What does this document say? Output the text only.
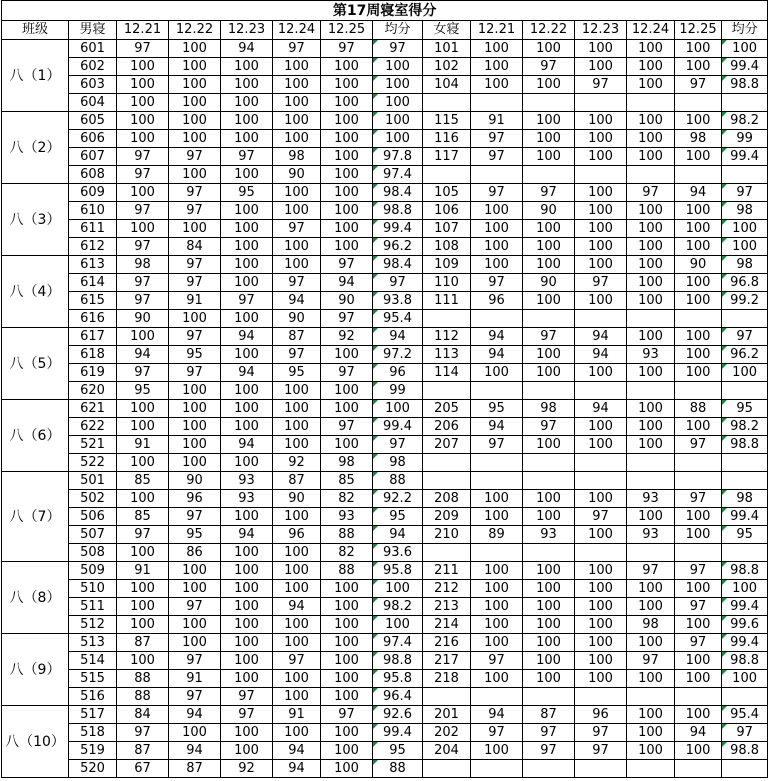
第17周寝室得分														
班级	男寝	12.21	12.22	12.23	12.24	12.25	均分	女寝	12.21	12.22	12.23	12.24	12.25	均分
八（1）	601	97	100	94	97	97	97	101	100	100	100	100	100	100
	602	100	100	100	100	100	100	102	100	97	100	100	100	99.4
	603	100	100	100	100	100	100	104	100	100	97	100	97	98.8
	604	100	100	100	100	100	100							
八（2）	605	100	100	100	100	100	100	115	91	100	100	100	100	98.2
	606	100	100	100	100	100	100	116	97	100	100	100	98	99
	607	97	97	97	98	100	97.8	117	97	100	100	100	100	99.4
	608	97	100	100	90	100	97.4							
八（3）	609	100	97	95	100	100	98.4	105	97	97	100	97	94	97
	610	97	97	100	100	100	98.8	106	100	90	100	100	100	98
	611	100	100	100	97	100	99.4	107	100	100	100	100	100	100
	612	97	84	100	100	100	96.2	108	100	100	100	100	100	100
八（4）	613	98	97	100	100	97	98.4	109	100	100	100	100	90	98
	614	97	97	100	97	94	97	110	97	90	97	100	100	96.8
	615	97	91	97	94	90	93.8	111	96	100	100	100	100	99.2
	616	90	100	100	90	97	95.4							
八（5）	617	100	97	94	87	92	94	112	94	97	94	100	100	97
	618	94	95	100	97	100	97.2	113	94	100	94	93	100	96.2
	619	97	97	94	95	97	96	114	100	100	100	100	100	100
	620	95	100	100	100	100	99							
八（6）	621	100	100	100	100	100	100	205	95	98	94	100	88	95
	622	100	100	100	100	97	99.4	206	94	97	100	100	100	98.2
	521	91	100	94	100	100	97	207	97	100	100	100	97	98.8
	522	100	100	100	92	98	98							
八（7）	501	85	90	93	87	85	88							
	502	100	96	93	90	82	92.2	208	100	100	100	93	97	98
	506	85	97	100	100	93	95	209	100	100	97	100	100	99.4
	507	97	95	94	96	88	94	210	89	93	100	93	100	95
	508	100	86	100	100	82	93.6							
八（8）	509	91	100	100	100	88	95.8	211	100	100	100	97	97	98.8
	510	100	100	100	100	100	100	212	100	100	100	100	100	100
	511	100	97	100	94	100	98.2	213	100	100	100	100	97	99.4
	512	100	100	100	100	100	100	214	100	100	100	98	100	99.6
八（9）	513	87	100	100	100	100	97.4	216	100	100	100	100	97	99.4
	514	100	97	100	97	100	98.8	217	97	100	100	97	100	98.8
	515	88	91	100	100	100	95.8	218	100	100	100	100	100	100
	516	88	97	97	100	100	96.4							
八（10）	517	84	94	97	91	97	92.6	201	94	87	96	100	100	95.4
	518	97	100	100	100	100	99.4	202	97	97	97	100	94	97
	519	87	94	100	94	100	95	204	100	97	97	100	100	98.8
	520	67	87	92	94	100	88							
